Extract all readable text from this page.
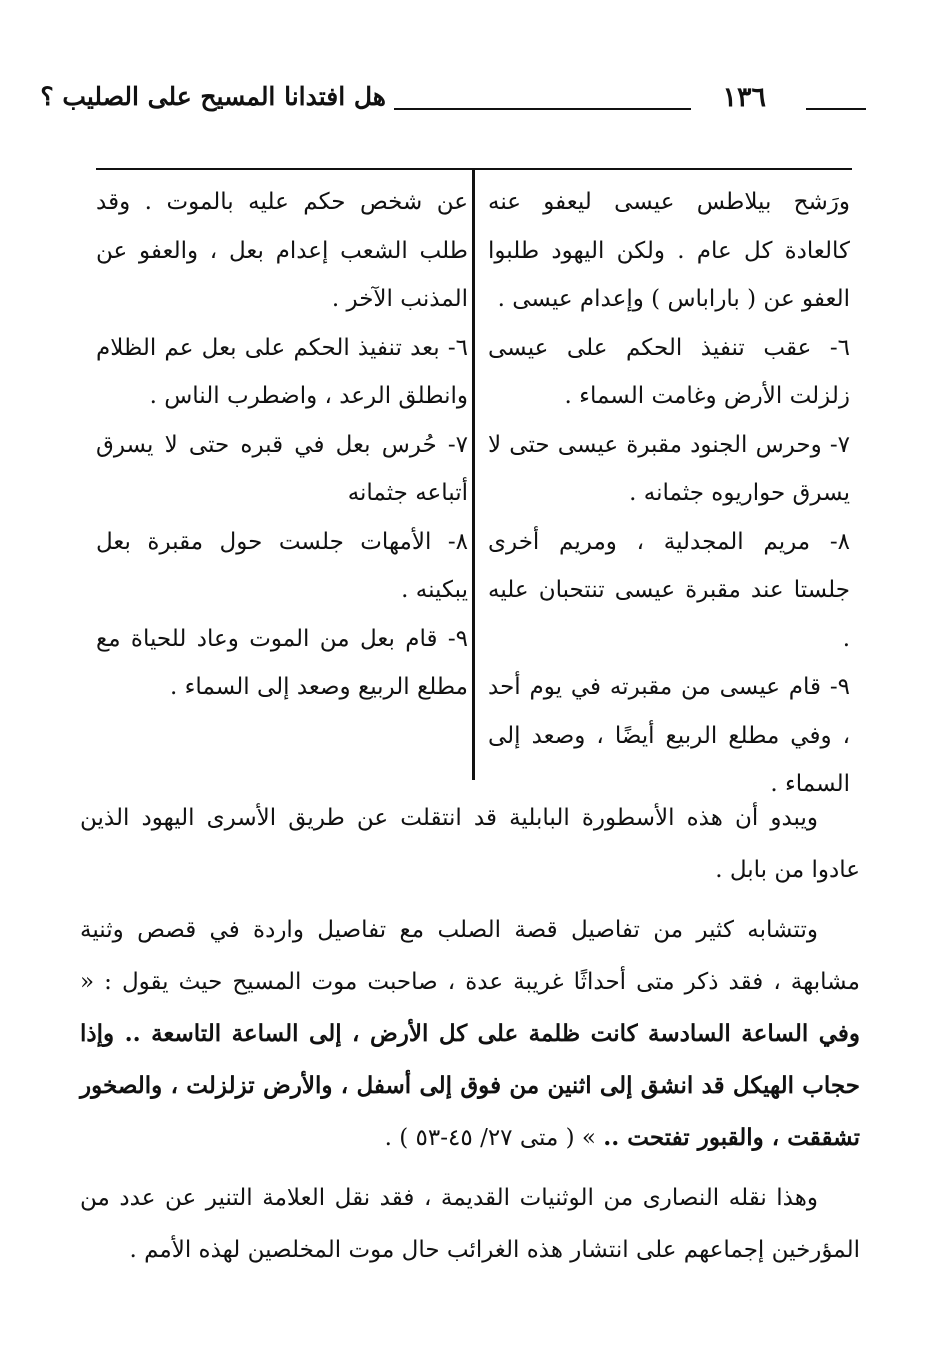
١٣٦
هل افتدانا المسيح على الصليب ؟

ورَشح بيلاطس عيسى ليعفو عنه كالعادة كل عام . ولكن اليهود طلبوا العفو عن ( باراباس ) وإعدام عيسى .

٦- عقب تنفيذ الحكم على عيسى زلزلت الأرض وغامت السماء .

٧- وحرس الجنود مقبرة عيسى حتى لا يسرق حواريوه جثمانه .

٨- مريم المجدلية ، ومريم أخرى جلستا عند مقبرة عيسى تنتحبان عليه .

٩- قام عيسى من مقبرته في يوم أحد ، وفي مطلع الربيع أيضًا ، وصعد إلى السماء .

عن شخص حكم عليه بالموت . وقد طلب الشعب إعدام بعل ، والعفو عن المذنب الآخر .

٦- بعد تنفيذ الحكم على بعل عم الظلام وانطلق الرعد ، واضطرب الناس .

٧- حُرس بعل في قبره حتى لا يسرق أتباعه جثمانه

٨- الأمهات جلست حول مقبرة بعل يبكينه .

٩- قام بعل من الموت وعاد للحياة مع مطلع الربيع وصعد إلى السماء .

ويبدو أن هذه الأسطورة البابلية قد انتقلت عن طريق الأسرى اليهود الذين عادوا من بابل .

وتتشابه كثير من تفاصيل قصة الصلب مع تفاصيل واردة في قصص وثنية مشابهة ، فقد ذكر متى أحداثًا غريبة عدة ، صاحبت موت المسيح حيث يقول : « وفي الساعة السادسة كانت ظلمة على كل الأرض ، إلى الساعة التاسعة .. وإذا حجاب الهيكل قد انشق إلى اثنين من فوق إلى أسفل ، والأرض تزلزلت ، والصخور تشققت ، والقبور تفتحت .. » ( متى ٢٧/ ٤٥-٥٣ ) .

وهذا نقله النصارى من الوثنيات القديمة ، فقد نقل العلامة التنير عن عدد من المؤرخين إجماعهم على انتشار هذه الغرائب حال موت المخلصين لهذه الأمم .
